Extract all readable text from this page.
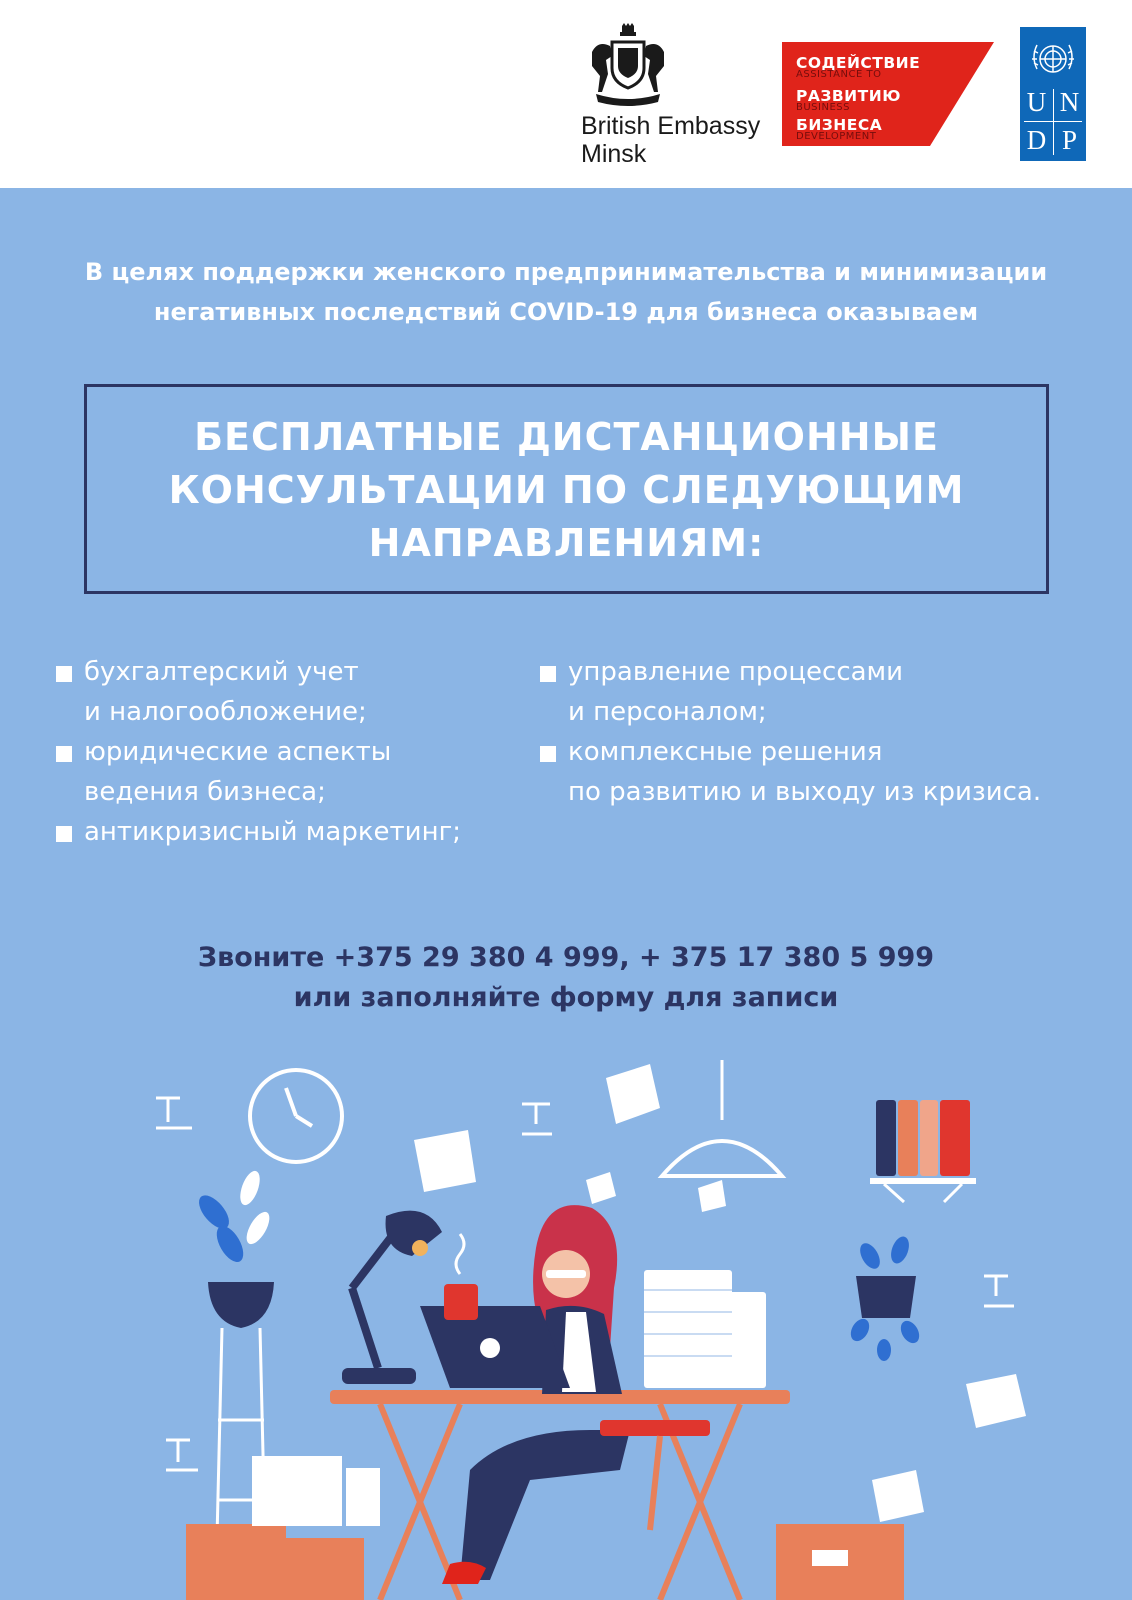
British Embassy
Minsk
СОДЕЙСТВИЕ
ASSISTANCE TO
РАЗВИТИЮ
BUSINESS
БИЗНЕСА
DEVELOPMENT
U N
D P
В целях поддержки женского предпринимательства и минимизации негативных последствий COVID-19 для бизнеса оказываем
БЕСПЛАТНЫЕ ДИСТАНЦИОННЫЕ КОНСУЛЬТАЦИИ ПО СЛЕДУЮЩИМ НАПРАВЛЕНИЯМ:
бухгалтерский учет
и налогообложение;
юридические аспекты
ведения бизнеса;
антикризисный маркетинг;
управление процессами
и персоналом;
комплексные решения
по развитию и выходу из кризиса.
Звоните +375 29 380 4 999, + 375 17 380 5 999
или заполняйте форму для записи
